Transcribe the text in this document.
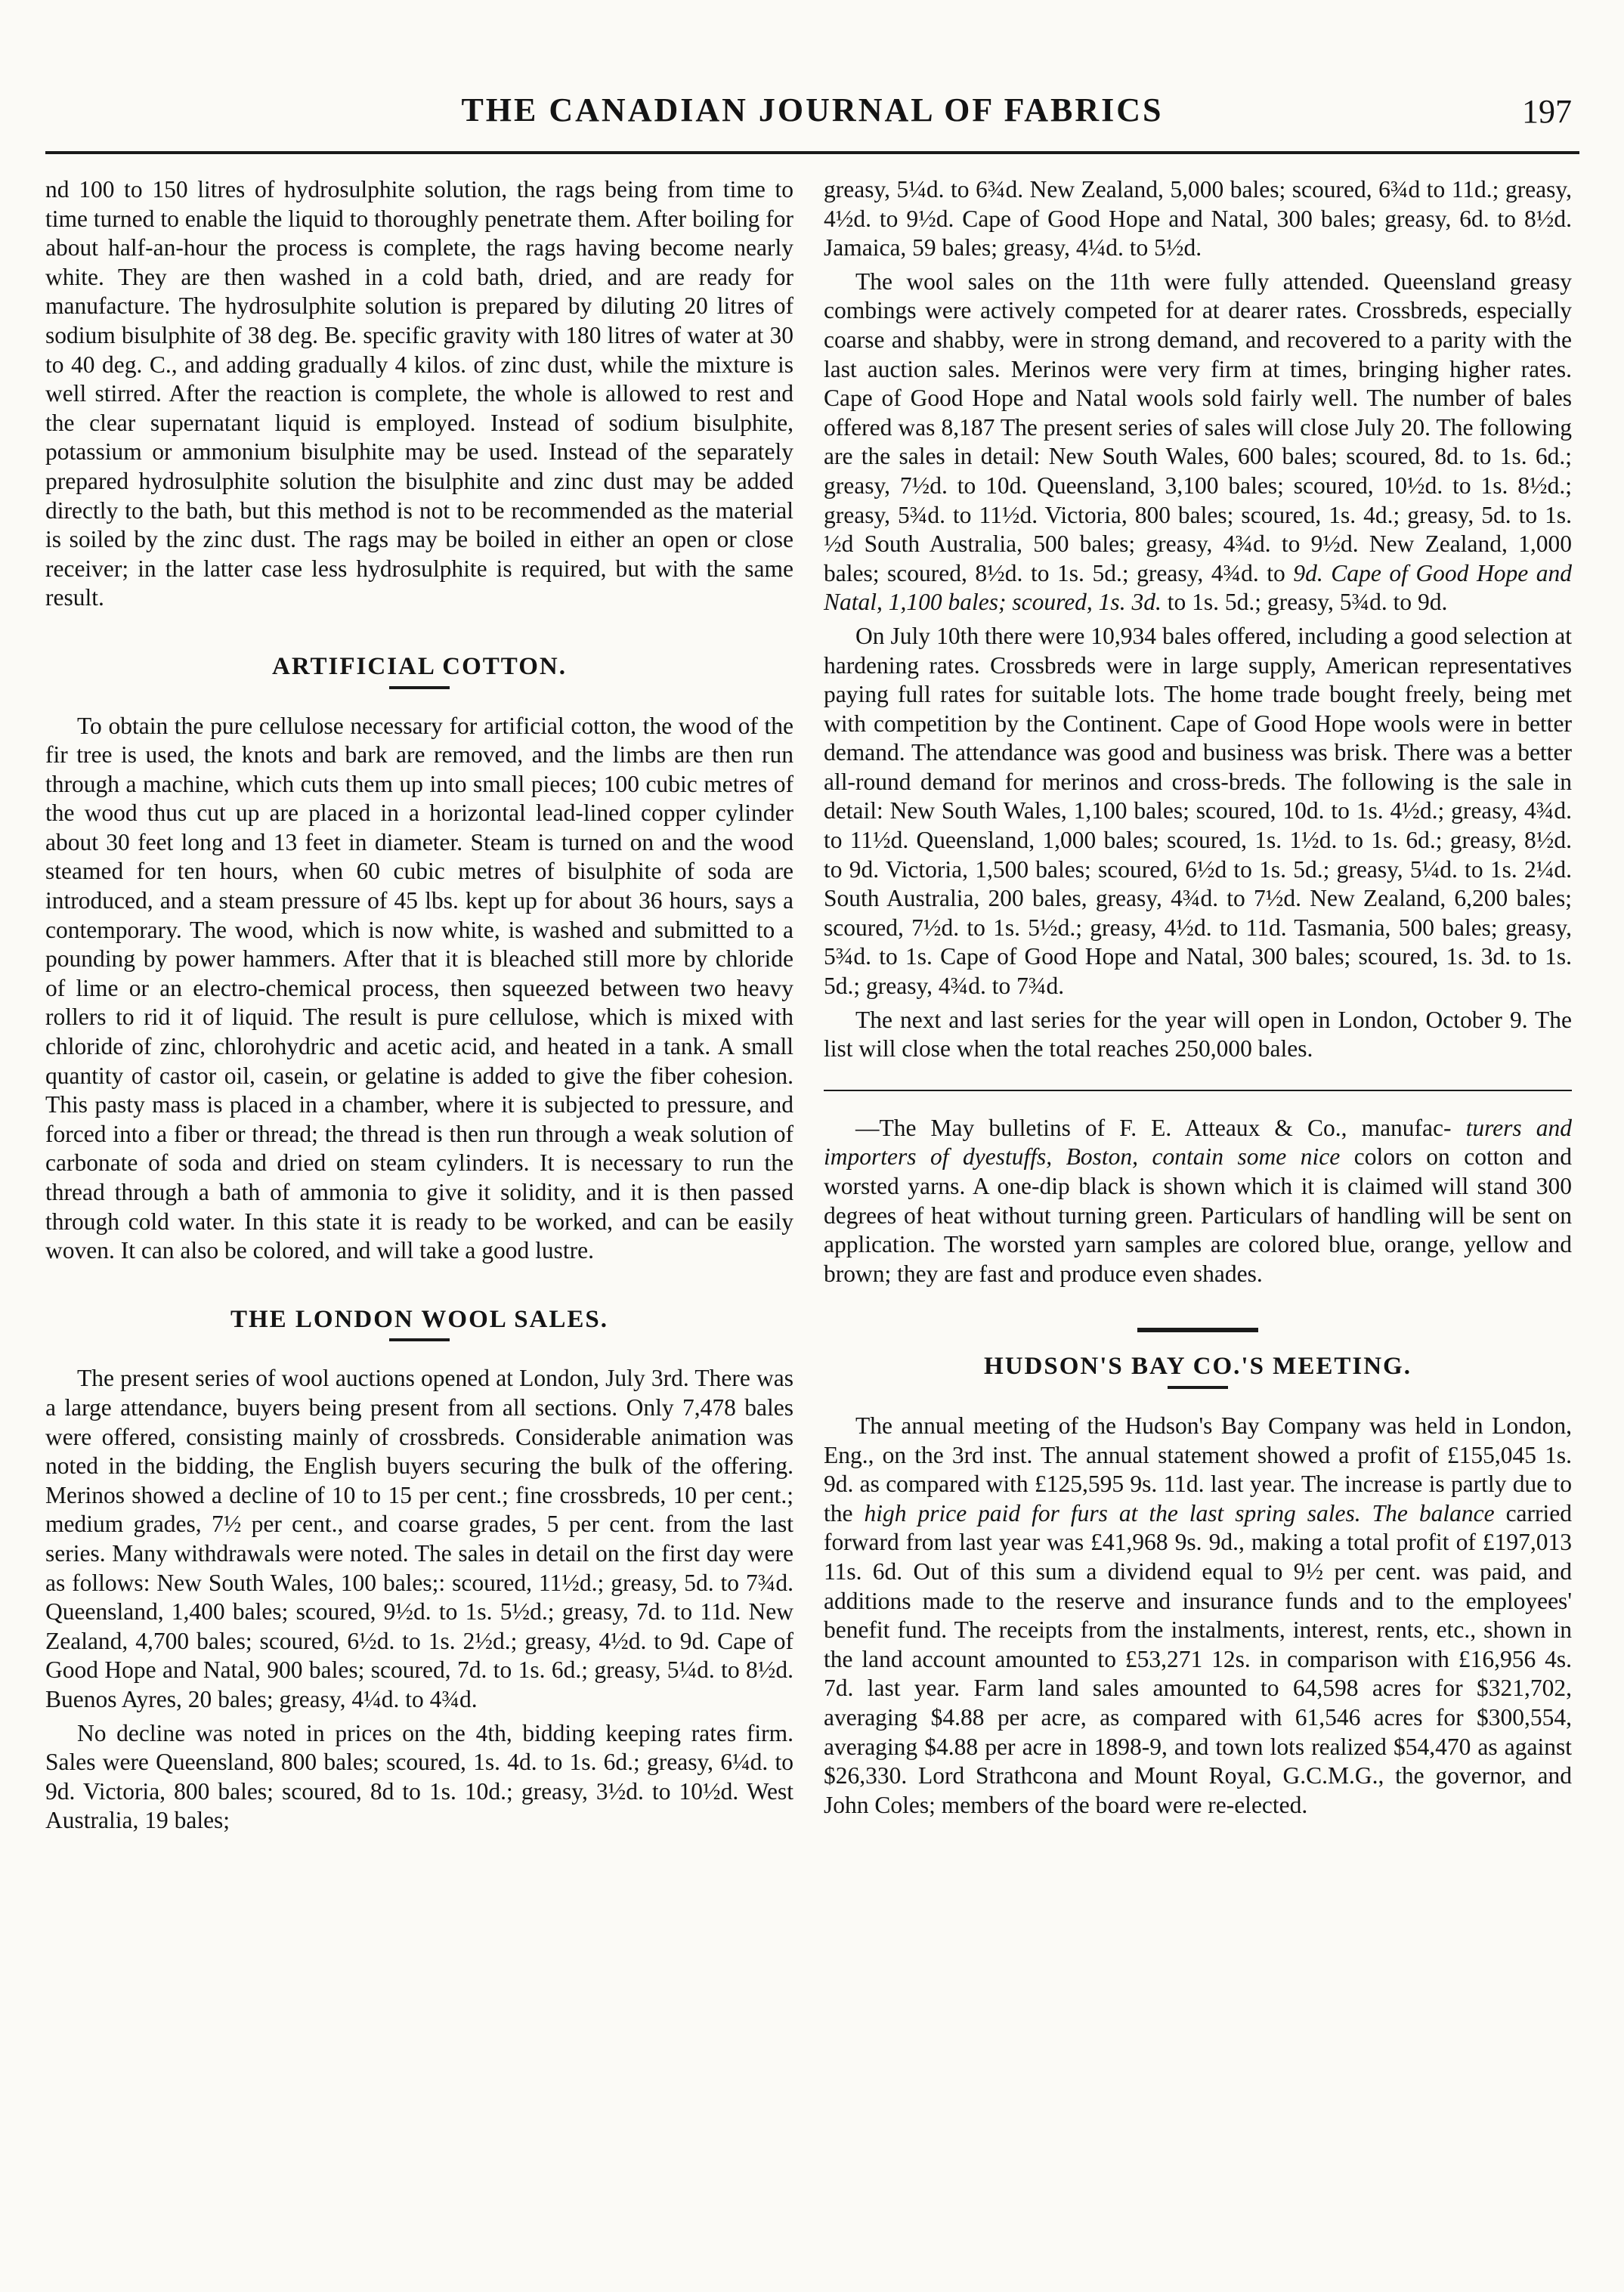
THE CANADIAN JOURNAL OF FABRICS	197

nd 100 to 150 litres of hydrosulphite solution, the rags being from time to time turned to enable the liquid to thoroughly penetrate them. After boiling for about half-an-hour the process is complete, the rags having become nearly white. They are then washed in a cold bath, dried, and are ready for manufacture. The hydrosulphite solution is prepared by diluting 20 litres of sodium bisulphite of 38 deg. Be. specific gravity with 180 litres of water at 30 to 40 deg. C., and adding gradually 4 kilos. of zinc dust, while the mixture is well stirred. After the reaction is complete, the whole is allowed to rest and the clear supernatant liquid is employed. Instead of sodium bisulphite, potassium or ammonium bisulphite may be used. Instead of the separately prepared hydrosulphite solution the bisulphite and zinc dust may be added directly to the bath, but this method is not to be recommended as the material is soiled by the zinc dust. The rags may be boiled in either an open or close receiver; in the latter case less hydrosulphite is required, but with the same result.

ARTIFICIAL COTTON.

To obtain the pure cellulose necessary for artificial cotton, the wood of the fir tree is used, the knots and bark are removed, and the limbs are then run through a machine, which cuts them up into small pieces; 100 cubic metres of the wood thus cut up are placed in a horizontal lead-lined copper cylinder about 30 feet long and 13 feet in diameter. Steam is turned on and the wood steamed for ten hours, when 60 cubic metres of bisulphite of soda are introduced, and a steam pressure of 45 lbs. kept up for about 36 hours, says a contemporary. The wood, which is now white, is washed and submitted to a pounding by power hammers. After that it is bleached still more by chloride of lime or an electro-chemical process, then squeezed between two heavy rollers to rid it of liquid. The result is pure cellulose, which is mixed with chloride of zinc, chlorohydric and acetic acid, and heated in a tank. A small quantity of castor oil, casein, or gelatine is added to give the fiber cohesion. This pasty mass is placed in a chamber, where it is subjected to pressure, and forced into a fiber or thread; the thread is then run through a weak solution of carbonate of soda and dried on steam cylinders. It is necessary to run the thread through a bath of ammonia to give it solidity, and it is then passed through cold water. In this state it is ready to be worked, and can be easily woven. It can also be colored, and will take a good lustre.

THE LONDON WOOL SALES.

The present series of wool auctions opened at London, July 3rd. There was a large attendance, buyers being present from all sections. Only 7,478 bales were offered, consisting mainly of crossbreds. Considerable animation was noted in the bidding, the English buyers securing the bulk of the offering. Merinos showed a decline of 10 to 15 per cent.; fine crossbreds, 10 per cent.; medium grades, 7½ per cent., and coarse grades, 5 per cent. from the last series. Many withdrawals were noted. The sales in detail on the first day were as follows: New South Wales, 100 bales;: scoured, 11½d.; greasy, 5d. to 7¾d. Queensland, 1,400 bales; scoured, 9½d. to 1s. 5½d.; greasy, 7d. to 11d. New Zealand, 4,700 bales; scoured, 6½d. to 1s. 2½d.; greasy, 4½d. to 9d. Cape of Good Hope and Natal, 900 bales; scoured, 7d. to 1s. 6d.; greasy, 5¼d. to 8½d. Buenos Ayres, 20 bales; greasy, 4¼d. to 4¾d.

No decline was noted in prices on the 4th, bidding keeping rates firm. Sales were Queensland, 800 bales; scoured, 1s. 4d. to 1s. 6d.; greasy, 6¼d. to 9d. Victoria, 800 bales; scoured, 8d to 1s. 10d.; greasy, 3½d. to 10½d. West Australia, 19 bales;

greasy, 5¼d. to 6¾d. New Zealand, 5,000 bales; scoured, 6¾d to 11d.; greasy, 4½d. to 9½d. Cape of Good Hope and Natal, 300 bales; greasy, 6d. to 8½d. Jamaica, 59 bales; greasy, 4¼d. to 5½d.

The wool sales on the 11th were fully attended. Queensland greasy combings were actively competed for at dearer rates. Crossbreds, especially coarse and shabby, were in strong demand, and recovered to a parity with the last auction sales. Merinos were very firm at times, bringing higher rates. Cape of Good Hope and Natal wools sold fairly well. The number of bales offered was 8,187 The present series of sales will close July 20. The following are the sales in detail: New South Wales, 600 bales; scoured, 8d. to 1s. 6d.; greasy, 7½d. to 10d. Queensland, 3,100 bales; scoured, 10½d. to 1s. 8½d.; greasy, 5¾d. to 11½d. Victoria, 800 bales; scoured, 1s. 4d.; greasy, 5d. to 1s. ½d South Australia, 500 bales; greasy, 4¾d. to 9½d. New Zealand, 1,000 bales; scoured, 8½d. to 1s. 5d.; greasy, 4¾d. to 9d. Cape of Good Hope and Natal, 1,100 bales; scoured, 1s. 3d. to 1s. 5d.; greasy, 5¾d. to 9d.

On July 10th there were 10,934 bales offered, including a good selection at hardening rates. Crossbreds were in large supply, American representatives paying full rates for suitable lots. The home trade bought freely, being met with competition by the Continent. Cape of Good Hope wools were in better demand. The attendance was good and business was brisk. There was a better all-round demand for merinos and cross-breds. The following is the sale in detail: New South Wales, 1,100 bales; scoured, 10d. to 1s. 4½d.; greasy, 4¾d. to 11½d. Queensland, 1,000 bales; scoured, 1s. 1½d. to 1s. 6d.; greasy, 8½d. to 9d. Victoria, 1,500 bales; scoured, 6½d to 1s. 5d.; greasy, 5¼d. to 1s. 2¼d. South Australia, 200 bales, greasy, 4¾d. to 7½d. New Zealand, 6,200 bales; scoured, 7½d. to 1s. 5½d.; greasy, 4½d. to 11d. Tasmania, 500 bales; greasy, 5¾d. to 1s. Cape of Good Hope and Natal, 300 bales; scoured, 1s. 3d. to 1s. 5d.; greasy, 4¾d. to 7¾d.

The next and last series for the year will open in London, October 9. The list will close when the total reaches 250,000 bales.

—The May bulletins of F. E. Atteaux & Co., manufac- turers and importers of dyestuffs, Boston, contain some nice colors on cotton and worsted yarns. A one-dip black is shown which it is claimed will stand 300 degrees of heat without turning green. Particulars of handling will be sent on application. The worsted yarn samples are colored blue, orange, yellow and brown; they are fast and produce even shades.

HUDSON'S BAY CO.'S MEETING.

The annual meeting of the Hudson's Bay Company was held in London, Eng., on the 3rd inst. The annual statement showed a profit of £155,045 1s. 9d. as compared with £125,595 9s. 11d. last year. The increase is partly due to the high price paid for furs at the last spring sales. The balance carried forward from last year was £41,968 9s. 9d., making a total profit of £197,013 11s. 6d. Out of this sum a dividend equal to 9½ per cent. was paid, and additions made to the reserve and insurance funds and to the employees' benefit fund. The receipts from the instalments, interest, rents, etc., shown in the land account amounted to £53,271 12s. in comparison with £16,956 4s. 7d. last year. Farm land sales amounted to 64,598 acres for $321,702, averaging $4.88 per acre, as compared with 61,546 acres for $300,554, averaging $4.88 per acre in 1898-9, and town lots realized $54,470 as against $26,330. Lord Strathcona and Mount Royal, G.C.M.G., the governor, and John Coles; members of the board were re-elected.
